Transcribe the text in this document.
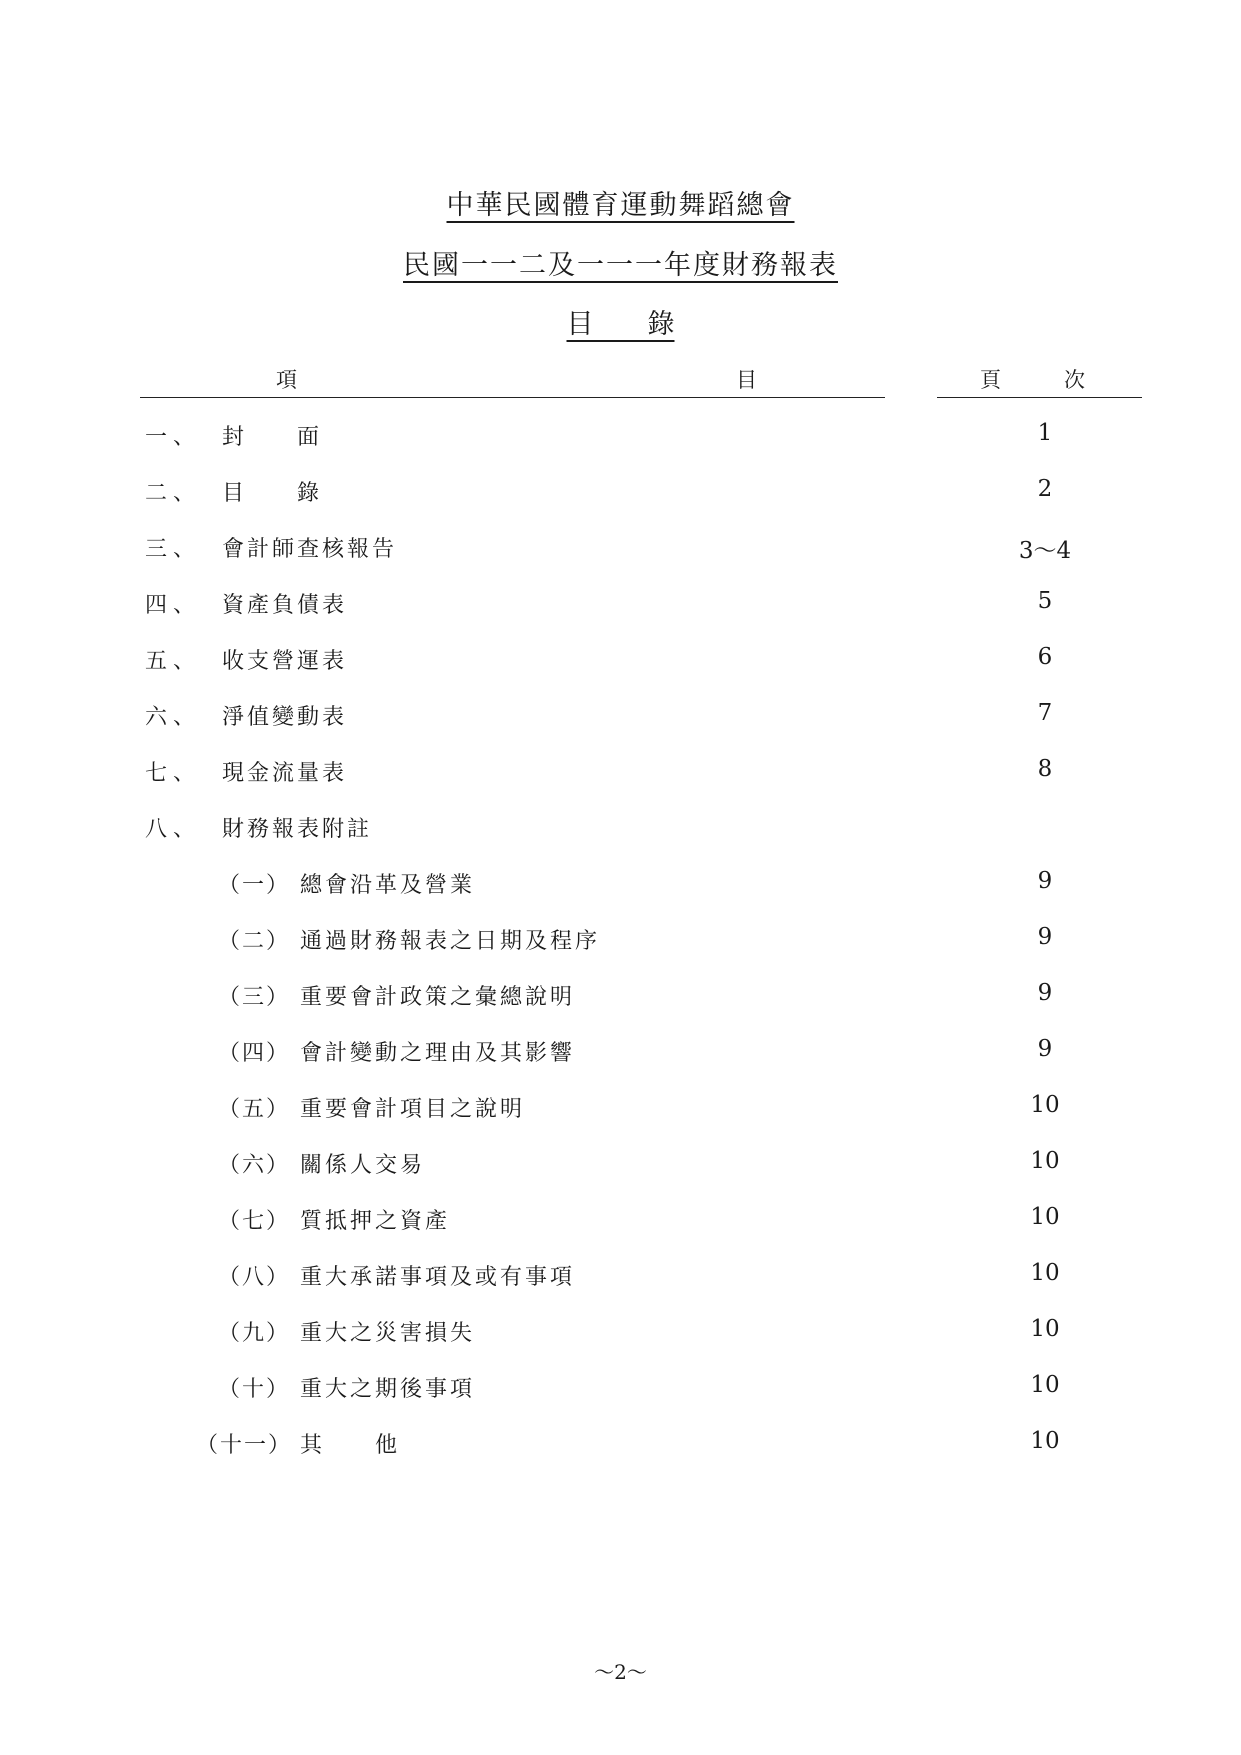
中華民國體育運動舞蹈總會
民國一一二及一一一年度財務報表
目　　錄
項	目	頁　　　次
一、 封　　面	1
二、 目　　錄	2
三、 會計師查核報告	3～4
四、 資產負債表	5
五、 收支營運表	6
六、 淨值變動表	7
七、 現金流量表	8
八、 財務報表附註
（一） 總會沿革及營業	9
（二） 通過財務報表之日期及程序	9
（三） 重要會計政策之彙總說明	9
（四） 會計變動之理由及其影響	9
（五） 重要會計項目之說明	10
（六） 關係人交易	10
（七） 質抵押之資產	10
（八） 重大承諾事項及或有事項	10
（九） 重大之災害損失	10
（十） 重大之期後事項	10
（十一） 其　　他	10
～2～
